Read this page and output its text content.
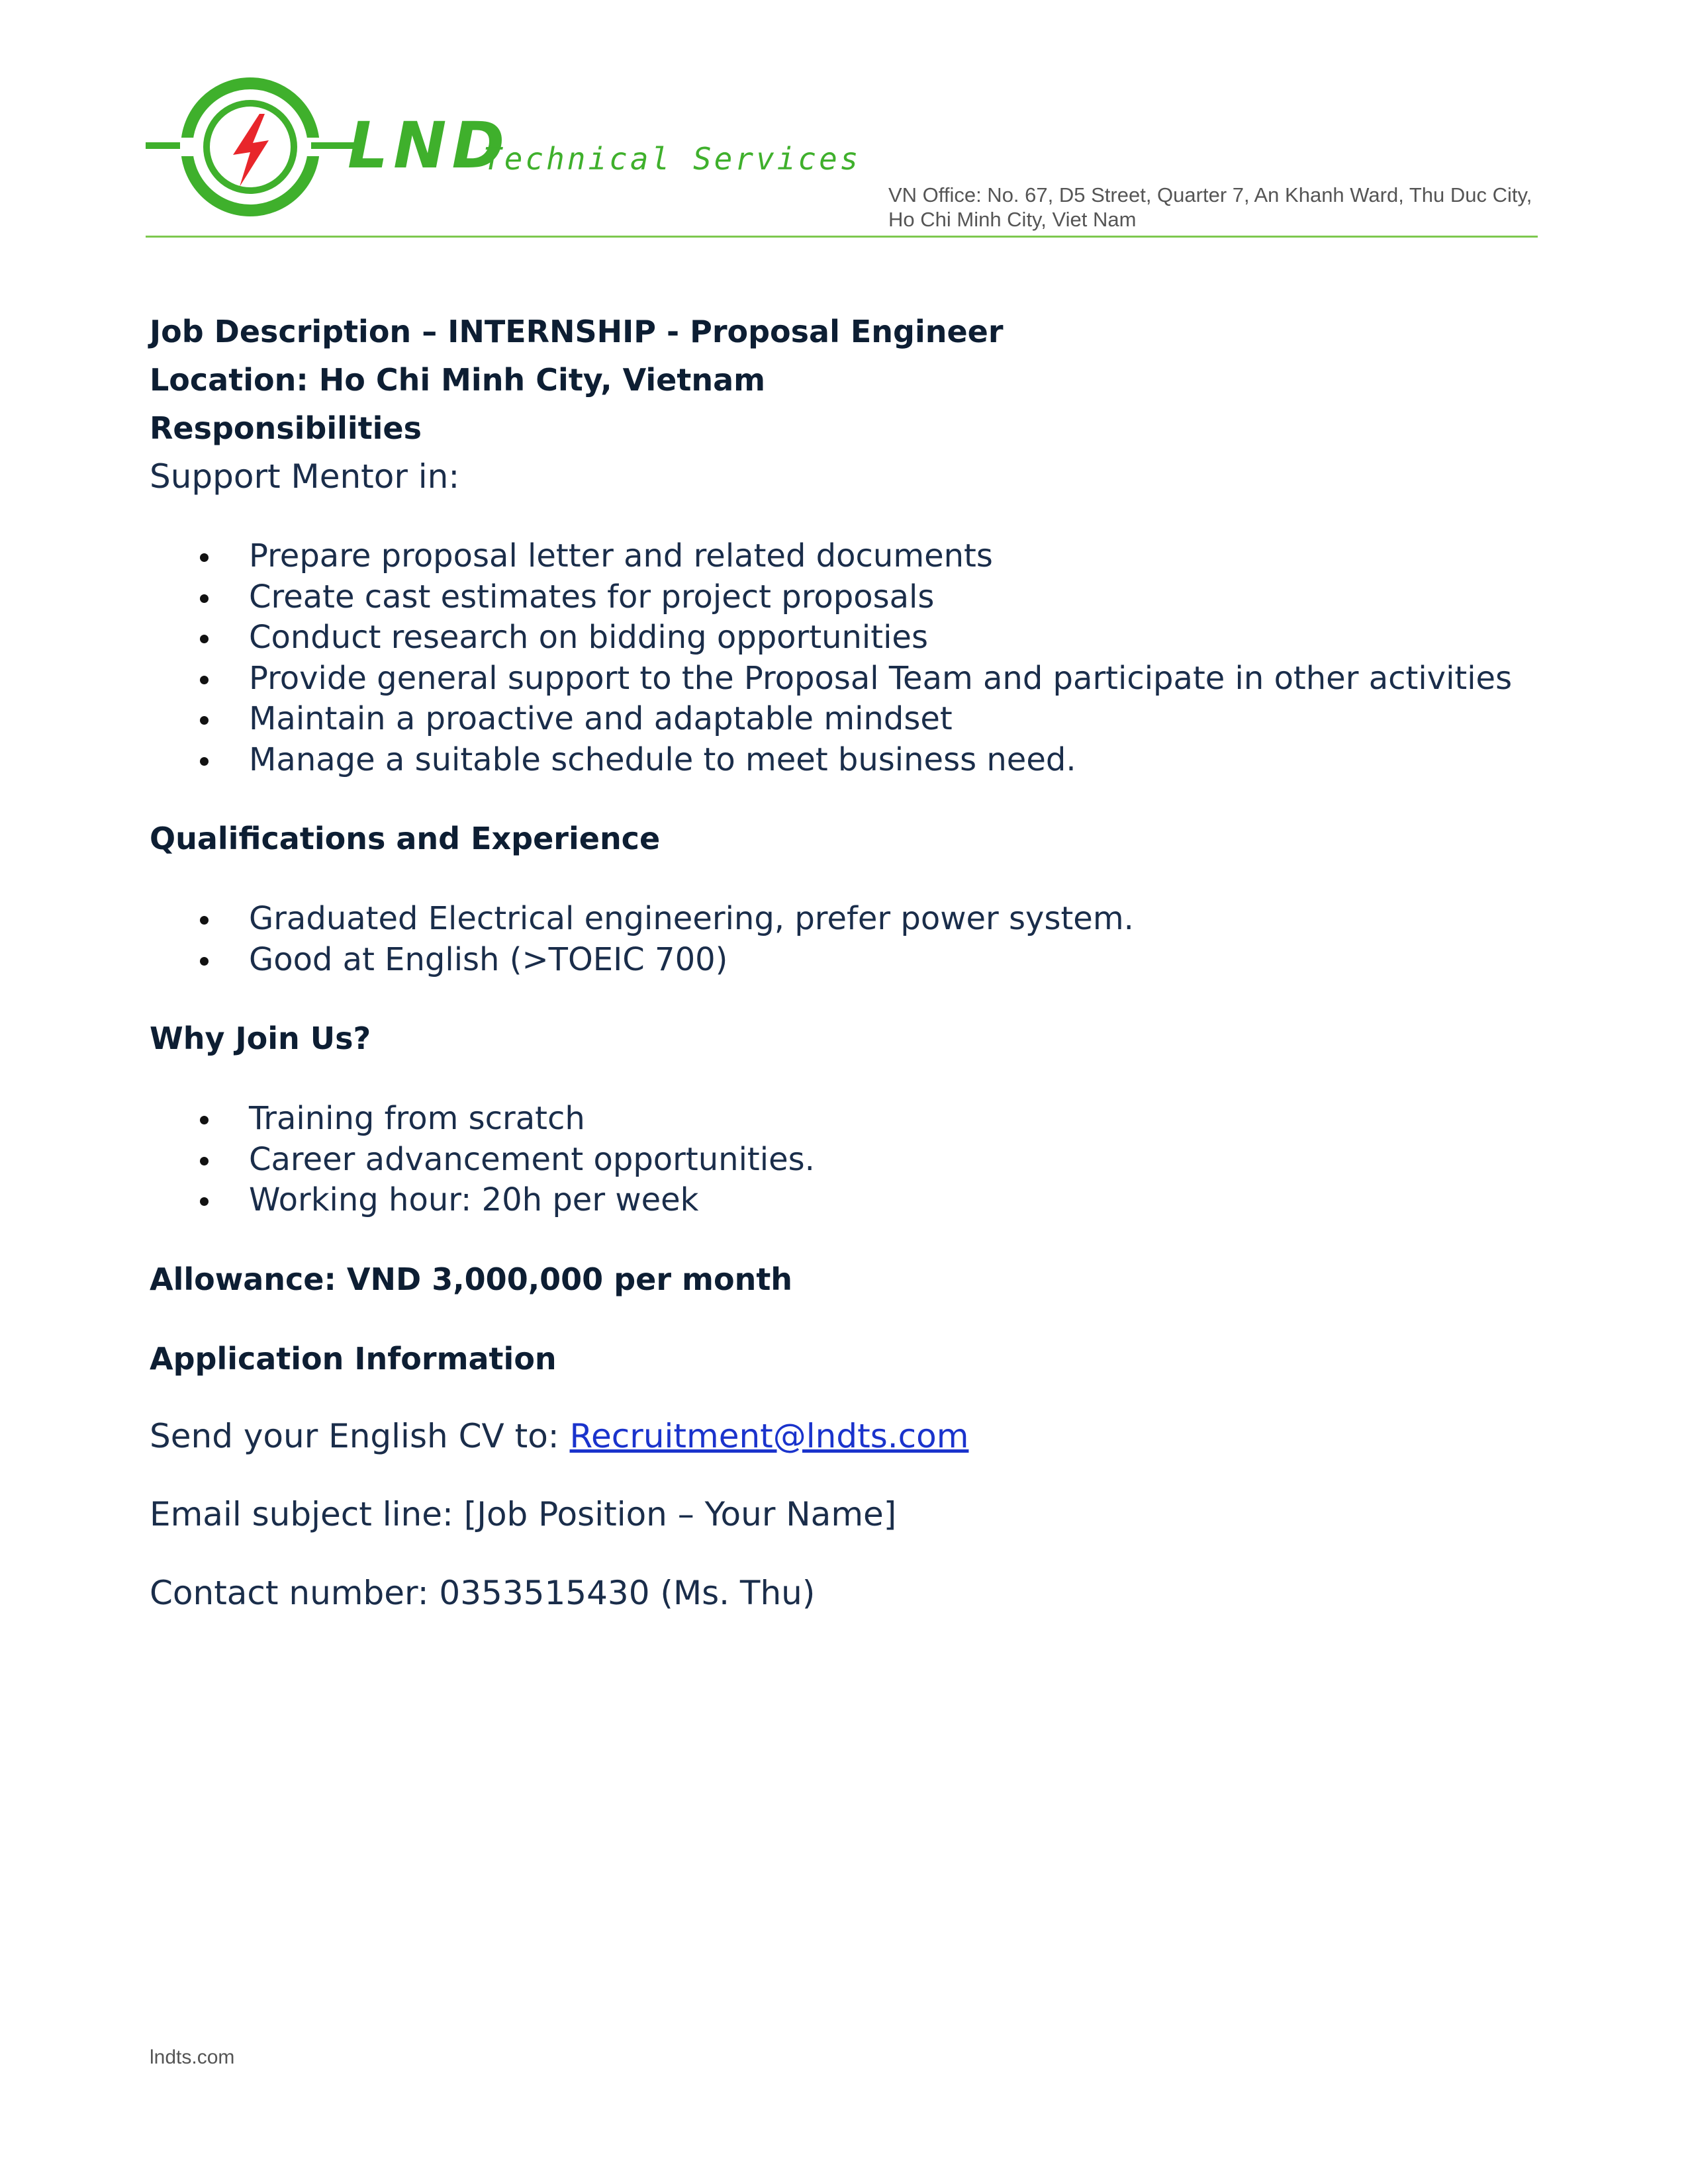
LND
Technical Services
VN Office: No. 67, D5 Street, Quarter 7, An Khanh Ward, Thu Duc City,
Ho Chi Minh City, Viet Nam
Job Description – INTERNSHIP - Proposal Engineer
Location: Ho Chi Minh City, Vietnam
Responsibilities
Support Mentor in:
Prepare proposal letter and related documents
Create cast estimates for project proposals
Conduct research on bidding opportunities
Provide general support to the Proposal Team and participate in other activities
Maintain a proactive and adaptable mindset
Manage a suitable schedule to meet business need.
Qualifications and Experience
Graduated Electrical engineering, prefer power system.
Good at English (>TOEIC 700)
Why Join Us?
Training from scratch
Career advancement opportunities.
Working hour: 20h per week
Allowance: VND 3,000,000 per month
Application Information
Send your English CV to: Recruitment@lndts.com
Email subject line: [Job Position – Your Name]
Contact number: 0353515430 (Ms. Thu)
lndts.com
